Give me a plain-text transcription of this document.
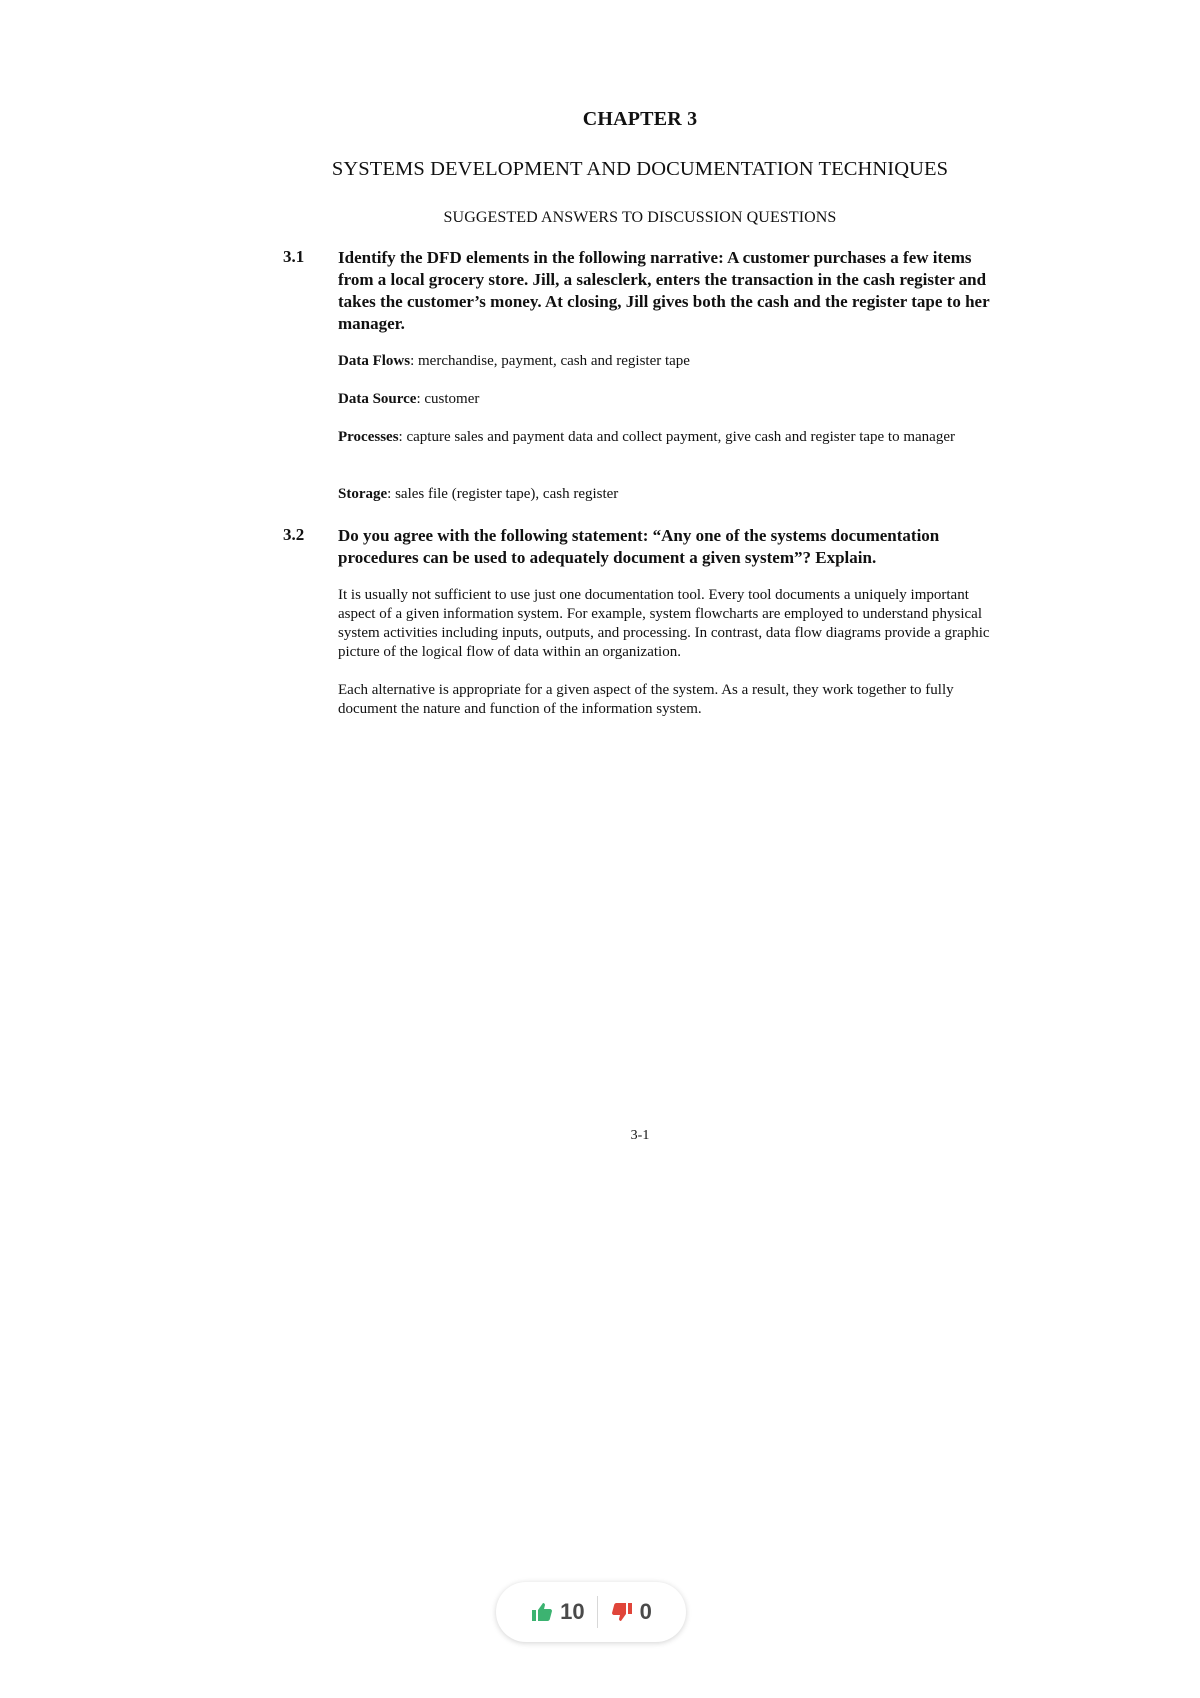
CHAPTER 3
SYSTEMS DEVELOPMENT AND DOCUMENTATION TECHNIQUES
SUGGESTED ANSWERS TO DISCUSSION QUESTIONS
3.1 Identify the DFD elements in the following narrative: A customer purchases a few items from a local grocery store. Jill, a salesclerk, enters the transaction in the cash register and takes the customer’s money. At closing, Jill gives both the cash and the register tape to her manager.
Data Flows: merchandise, payment, cash and register tape
Data Source: customer
Processes: capture sales and payment data and collect payment, give cash and register tape to manager
Storage: sales file (register tape), cash register
3.2 Do you agree with the following statement: “Any one of the systems documentation procedures can be used to adequately document a given system”? Explain.
It is usually not sufficient to use just one documentation tool. Every tool documents a uniquely important aspect of a given information system. For example, system flowcharts are employed to understand physical system activities including inputs, outputs, and processing. In contrast, data flow diagrams provide a graphic picture of the logical flow of data within an organization.
Each alternative is appropriate for a given aspect of the system. As a result, they work together to fully document the nature and function of the information system.
3-1
10	0
